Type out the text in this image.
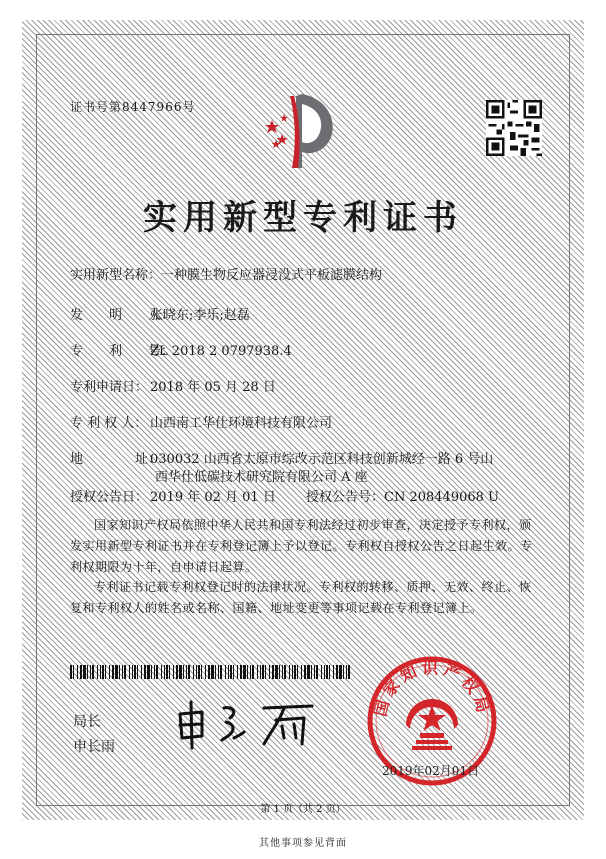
证书号第8447966号
实用新型专利证书
实用新型名称：一种膜生物反应器浸没式平板滤膜结构
发　　明　　人：张晓东;李乐;赵磊
专　　利　　号：ZL 2018 2 0797938.4
专利申请日： 2018 年 05 月 28 日
专 利 权 人： 山西南工华仕环境科技有限公司
地　　　　址：030032 山西省太原市综改示范区科技创新城经一路 6 号山
西华仕低碳技术研究院有限公司 A 座
授权公告日： 2019 年 02 月 01 日 授权公告号：CN 208449068 U
国家知识产权局依照中华人民共和国专利法经过初步审查，决定授予专利权，颁发实用新型专利证书并在专利登记簿上予以登记。专利权自授权公告之日起生效。专利权期限为十年，自申请日起算。
专利证书记载专利权登记时的法律状况。专利权的转移、质押、无效、终止、恢复和专利权人的姓名或名称、国籍、地址变更等事项记载在专利登记簿上。
局长
申长雨
国家知识产权局
2019年02月01日
第 1 页（共 2 页）
其他事项参见背面
